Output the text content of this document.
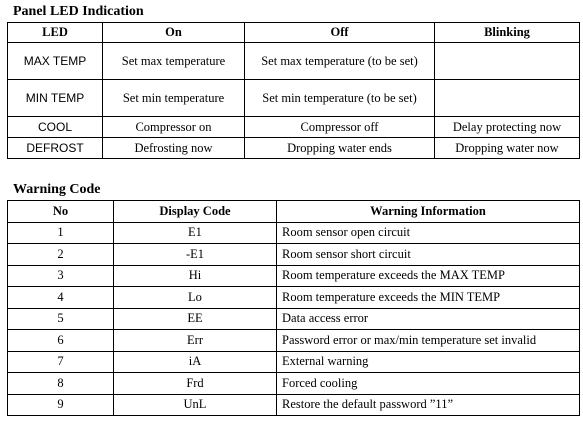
Panel LED Indication
LED	On	Off	Blinking
MAX TEMP	Set max temperature	Set max temperature (to be set)	
MIN TEMP	Set min temperature	Set min temperature (to be set)	
COOL	Compressor on	Compressor off	Delay protecting now
DEFROST	Defrosting now	Dropping water ends	Dropping water now
Warning Code
No	Display Code	Warning Information
1	E1	Room sensor open circuit
2	-E1	Room sensor short circuit
3	Hi	Room temperature exceeds the MAX TEMP
4	Lo	Room temperature exceeds the MIN TEMP
5	EE	Data access error
6	Err	Password error or max/min temperature set invalid
7	iA	External warning
8	Frd	Forced cooling
9	UnL	Restore the default password ”11”
